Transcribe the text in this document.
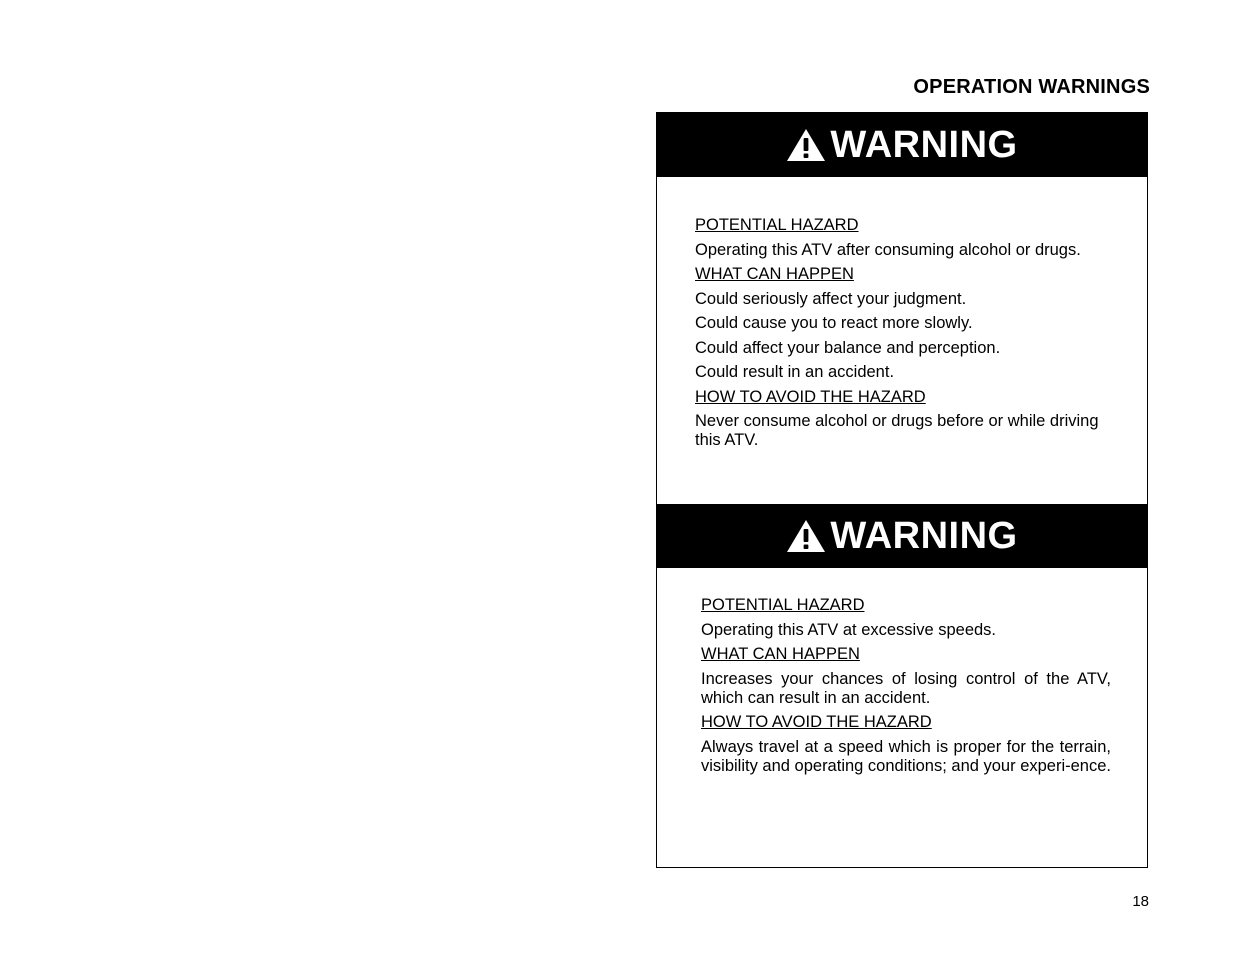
OPERATION WARNINGS
WARNING
POTENTIAL HAZARD
Operating this ATV after consuming alcohol or drugs.
WHAT CAN HAPPEN
Could seriously affect your judgment.
Could cause you to react more slowly.
Could affect your balance and perception.
Could result in an accident.
HOW TO AVOID THE HAZARD
Never consume alcohol or drugs before or while driving this ATV.
WARNING
POTENTIAL HAZARD
Operating this ATV at excessive speeds.
WHAT CAN HAPPEN
Increases your chances of losing control of the ATV, which can result in an accident.
HOW TO AVOID THE HAZARD
Always travel at a speed which is proper for the terrain, visibility and operating conditions; and your experi-ence.
18
